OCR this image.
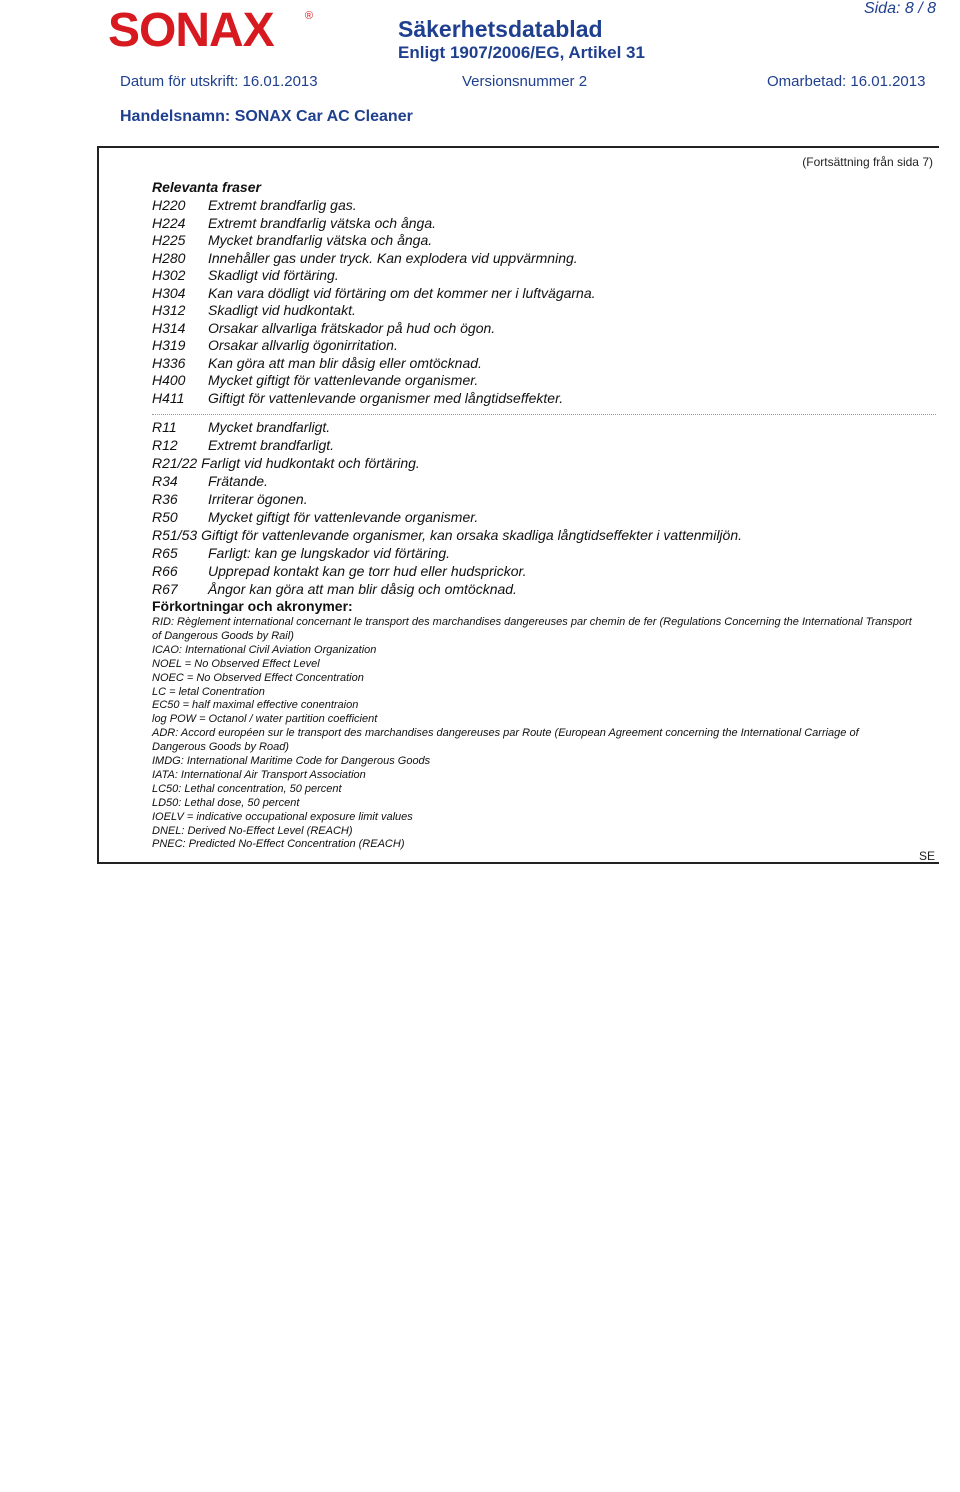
SONAX	®	Sida: 8 / 8
Säkerhetsdatablad
Enligt 1907/2006/EG, Artikel 31
Datum för utskrift: 16.01.2013	Versionsnummer 2	Omarbetad: 16.01.2013
Handelsnamn: SONAX Car AC Cleaner
(Fortsättning från sida 7)
Relevanta fraser
H220 Extremt brandfarlig gas.
H224 Extremt brandfarlig vätska och ånga.
H225 Mycket brandfarlig vätska och ånga.
H280 Innehåller gas under tryck. Kan explodera vid uppvärmning.
H302 Skadligt vid förtäring.
H304 Kan vara dödligt vid förtäring om det kommer ner i luftvägarna.
H312 Skadligt vid hudkontakt.
H314 Orsakar allvarliga frätskador på hud och ögon.
H319 Orsakar allvarlig ögonirritation.
H336 Kan göra att man blir dåsig eller omtöcknad.
H400 Mycket giftigt för vattenlevande organismer.
H411 Giftigt för vattenlevande organismer med långtidseffekter.
R11 Mycket brandfarligt.
R12 Extremt brandfarligt.
R21/22 Farligt vid hudkontakt och förtäring.
R34 Frätande.
R36 Irriterar ögonen.
R50 Mycket giftigt för vattenlevande organismer.
R51/53 Giftigt för vattenlevande organismer, kan orsaka skadliga långtidseffekter i vattenmiljön.
R65 Farligt: kan ge lungskador vid förtäring.
R66 Upprepad kontakt kan ge torr hud eller hudsprickor.
R67 Ångor kan göra att man blir dåsig och omtöcknad.
Förkortningar och akronymer:
RID: Règlement international concernant le transport des marchandises dangereuses par chemin de fer (Regulations Concerning the International Transport of Dangerous Goods by Rail)
ICAO: International Civil Aviation Organization
NOEL = No Observed Effect Level
NOEC = No Observed Effect Concentration
LC = letal Conentration
EC50 = half maximal effective conentraion
log POW = Octanol / water partition coefficient
ADR: Accord européen sur le transport des marchandises dangereuses par Route (European Agreement concerning the International Carriage of Dangerous Goods by Road)
IMDG: International Maritime Code for Dangerous Goods
IATA: International Air Transport Association
LC50: Lethal concentration, 50 percent
LD50: Lethal dose, 50 percent
IOELV = indicative occupational exposure limit values
DNEL: Derived No-Effect Level (REACH)
PNEC: Predicted No-Effect Concentration (REACH)
SE
